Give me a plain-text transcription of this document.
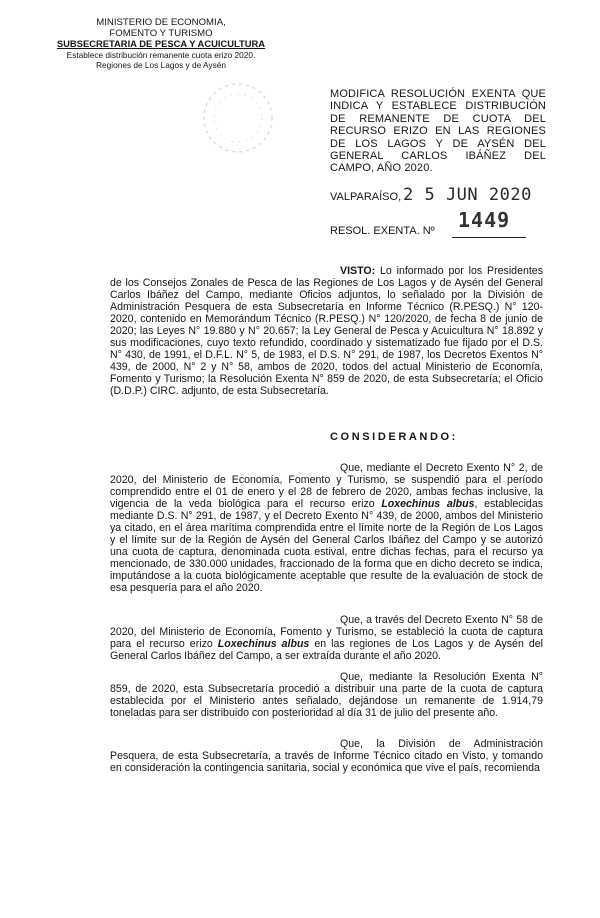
MINISTERIO DE ECONOMIA,
FOMENTO Y TURISMO
SUBSECRETARIA DE PESCA Y ACUICULTURA
Establece distribución remanente cuota erizo 2020.
Regiones de Los Lagos y de Aysén
MODIFICA RESOLUCIÓN EXENTA QUE INDICA Y ESTABLECE DISTRIBUCIÓN DE REMANENTE DE CUOTA DEL RECURSO ERIZO EN LAS REGIONES DE LOS LAGOS Y DE AYSÉN DEL GENERAL CARLOS IBÁÑEZ DEL CAMPO, AÑO 2020.
VALPARAÍSO, 2 5 JUN 2020
1449
RESOL. EXENTA. Nº
VISTO: Lo informado por los Presidentes de los Consejos Zonales de Pesca de las Regiones de Los Lagos y de Aysén del General Carlos Ibáñez del Campo, mediante Oficios adjuntos, lo señalado por la División de Administración Pesquera de esta Subsecretaría en Informe Técnico (R.PESQ.) N° 120-2020, contenido en Memorándum Técnico (R.PESQ.) N° 120/2020, de fecha 8 de junio de 2020; las Leyes N° 19.880 y N° 20.657; la Ley General de Pesca y Acuicultura N° 18.892 y sus modificaciones, cuyo texto refundido, coordinado y sistematizado fue fijado por el D.S. N° 430, de 1991, el D.F.L. N° 5, de 1983, el D.S. N° 291, de 1987, los Decretos Exentos N° 439, de 2000, N° 2 y N° 58, ambos de 2020, todos del actual Ministerio de Economía, Fomento y Turismo; la Resolución Exenta N° 859 de 2020, de esta Subsecretaría; el Oficio (D.D.P.) CIRC. adjunto, de esta Subsecretaría.
CONSIDERANDO:
Que, mediante el Decreto Exento N° 2, de 2020, del Ministerio de Economía, Fomento y Turismo, se suspendió para el período comprendido entre el 01 de enero y el 28 de febrero de 2020, ambas fechas inclusive, la vigencia de la veda biológica para el recurso erizo Loxechinus albus, establecidas mediante D.S. N° 291, de 1987, y el Decreto Exento N° 439, de 2000, ambos del Ministerio ya citado, en el área marítima comprendida entre el límite norte de la Región de Los Lagos y el límite sur de la Región de Aysén del General Carlos Ibáñez del Campo y se autorizó una cuota de captura, denominada cuota estival, entre dichas fechas, para el recurso ya mencionado, de 330.000 unidades, fraccionado de la forma que en dicho decreto se indica, imputándose a la cuota biológicamente aceptable que resulte de la evaluación de stock de esa pesquería para el año 2020.
Que, a través del Decreto Exento N° 58 de 2020, del Ministerio de Economía, Fomento y Turismo, se estableció la cuota de captura para el recurso erizo Loxechinus albus en las regiones de Los Lagos y de Aysén del General Carlos Ibáñez del Campo, a ser extraída durante el año 2020.
Que, mediante la Resolución Exenta N° 859, de 2020, esta Subsecretaría procedió a distribuir una parte de la cuota de captura establecida por el Ministerio antes señalado, dejándose un remanente de 1.914,79 toneladas para ser distribuido con posterioridad al día 31 de julio del presente año.
Que, la División de Administración Pesquera, de esta Subsecretaría, a través de Informe Técnico citado en Visto, y tomando en consideración la contingencia sanitaria, social y económica que vive el país, recomienda
